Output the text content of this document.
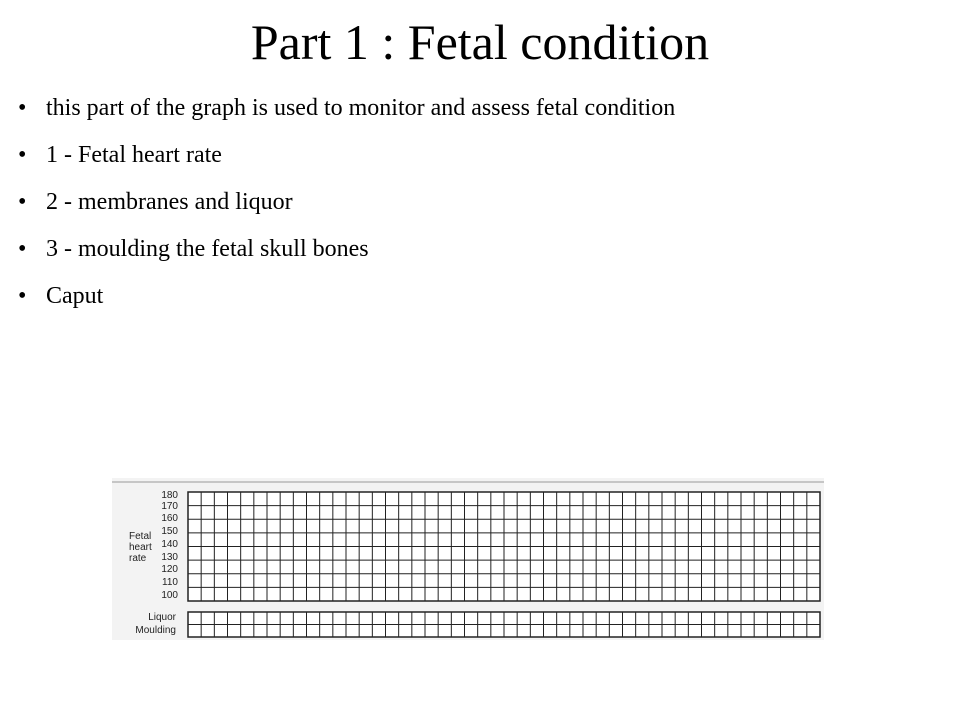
Part 1 : Fetal condition
• this part of the graph is used to monitor and assess fetal condition
• 1 - Fetal heart rate
• 2 - membranes and liquor
• 3 - moulding the fetal skull bones
• Caput
Fetal
heart
rate
180
170
160
150
140
130
120
110
100
Liquor
Moulding
